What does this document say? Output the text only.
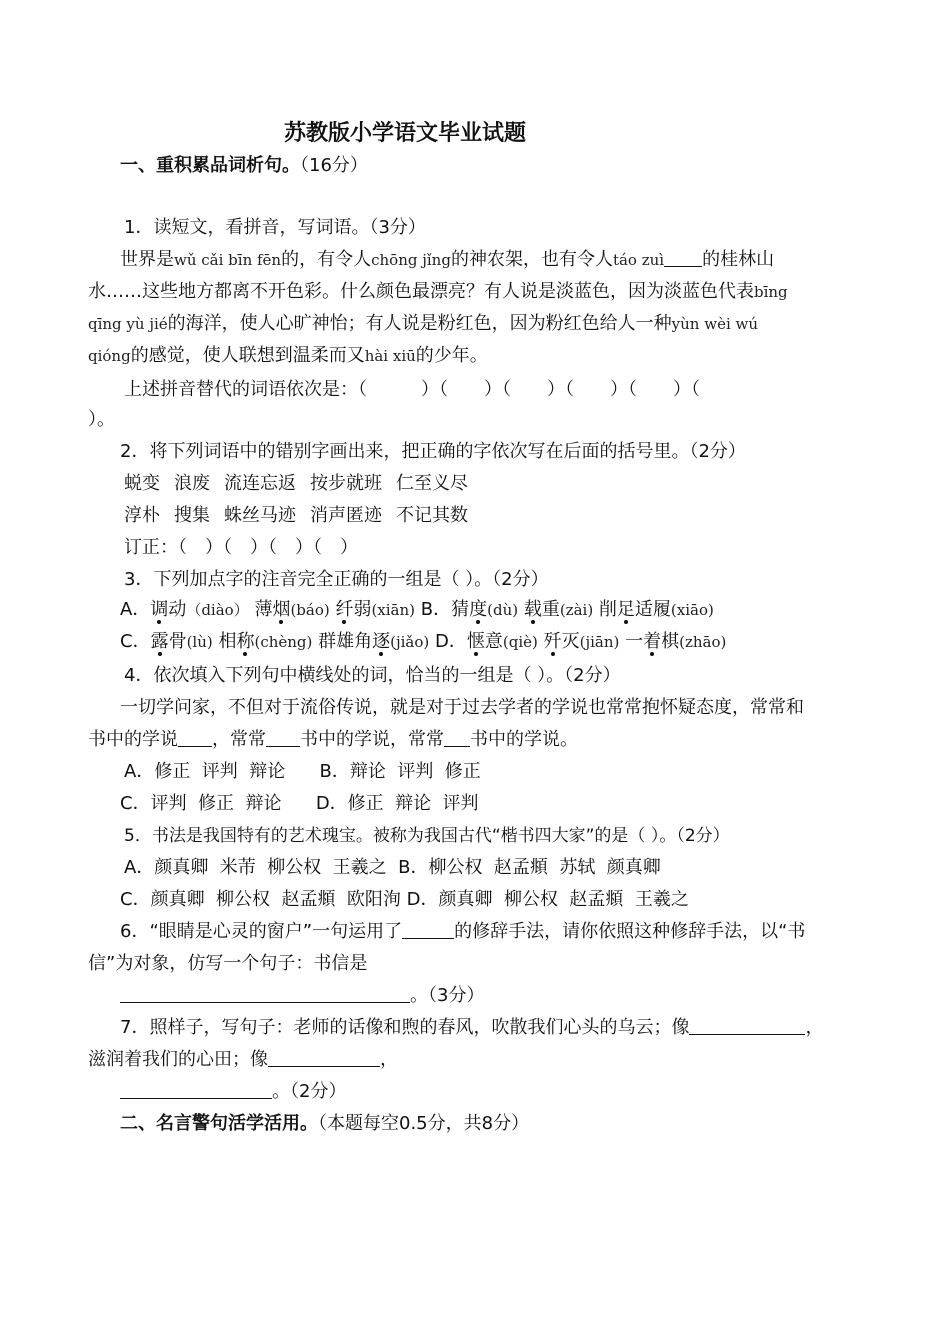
苏教版小学语文毕业试题
一、重积累品词析句。（16分）
1．读短文，看拼音，写词语。（3分）
世界是wǔ cǎi bīn fēn的，有令人chōng jǐng的神农架，也有令人táo zuì 的桂林山
水……这些地方都离不开色彩。什么颜色最漂亮？有人说是淡蓝色，因为淡蓝色代表bīng
qīng yù jié的海洋，使人心旷神怡；有人说是粉红色，因为粉红色给人一种yùn wèi wú
qióng的感觉，使人联想到温柔而又hài xiū的少年。
上述拼音替代的词语依次是：（　　　）（　　）（　　）（　　）（　　）（
）。
2．将下列词语中的错别字画出来，把正确的字依次写在后面的括号里。（2分）
蜕变 浪废 流连忘返 按步就班 仁至义尽
淳朴 搜集 蛛丝马迹 消声匿迹 不记其数
订正：（　）（　）（　）（　）
3．下列加点字的注音完全正确的一组是（ ）。（2分）
A．调动（diào） 薄烟(báo) 纤弱(xiān) B．猜度(dù) 载重(zài) 削足适履(xiāo)
C．露骨(lù) 相称(chèng) 群雄角逐(jiǎo) D．惬意(qiè) 歼灭(jiān) 一着棋(zhāo)
4．依次填入下列句中横线处的词，恰当的一组是（ ）。（2分）
一切学问家，不但对于流俗传说，就是对于过去学者的学说也常常抱怀疑态度，常常和
书中的学说 ，常常 书中的学说，常常 书中的学说。
A．修正  评判  辩论 B．辩论  评判  修正
C．评判  修正  辩论 D．修正  辩论  评判
5．书法是我国特有的艺术瑰宝。被称为我国古代“楷书四大家”的是（ ）。（2分）
A．颜真卿  米芾  柳公权  王羲之 B．柳公权  赵孟頫  苏轼  颜真卿
C．颜真卿  柳公权  赵孟頫  欧阳洵 D．颜真卿  柳公权  赵孟頫  王羲之
6．“眼睛是心灵的窗户”一句运用了	的修辞手法，请你依照这种修辞手法，以“书
信”为对象，仿写一个句子：书信是
。（3分）
7．照样子，写句子：老师的话像和煦的春风，吹散我们心头的乌云；像	，
滋润着我们的心田；像	，
。（2分）
二、名言警句活学活用。（本题每空0.5分，共8分）
